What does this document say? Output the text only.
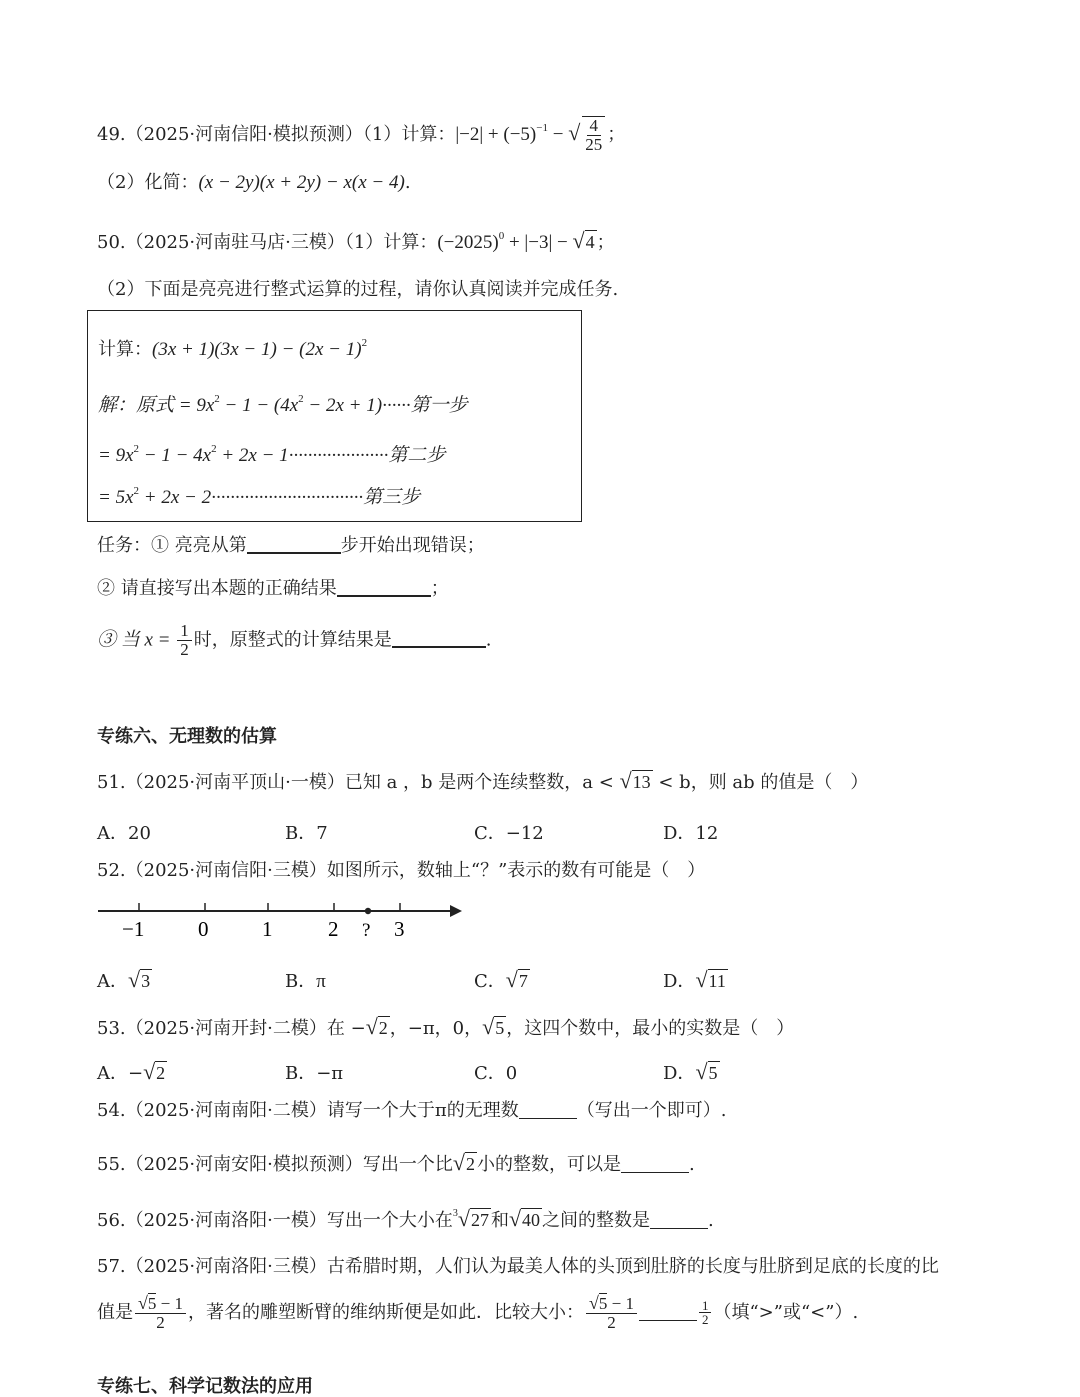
49.（2025·河南信阳·模拟预测）（1）计算：$|-2| + (-5)^{-1}$ − √ $\frac{4}{25}$ ；
（2）化简：(x − 2y)(x + 2y) − x(x − 4).
50.（2025·河南驻马店·三模）（1）计算：$(-2025)^0 + |-3| - √4$ ；
（2）下面是亮亮进行整式运算的过程，请你认真阅读并完成任务.
计算：$(3x + 1)(3x - 1) - (2x - 1)^2$
解：原式 = $9x^2 - 1 - (4x^2 - 2x + 1)\cdot\cdot\cdot\cdot\cdot\cdot$第一步
= $9x^2 - 1 - 4x^2 + 2x - 1\cdot\cdot\cdot\cdot\cdot\cdot\cdot\cdot\cdot\cdot\cdot\cdot\cdot\cdot\cdot\cdot\cdot\cdot\cdot\cdot\cdot$第二步
= $5x^2 + 2x - 2\cdot\cdot\cdot\cdot\cdot\cdot\cdot\cdot\cdot\cdot\cdot\cdot\cdot\cdot\cdot\cdot\cdot\cdot\cdot\cdot\cdot\cdot\cdot\cdot\cdot\cdot\cdot\cdot\cdot\cdot\cdot\cdot$第三步
任务：① 亮亮从第	步开始出现错误；
② 请直接写出本题的正确结果	；
③ 当 $x = \frac{1}{2}$ 时，原整式的计算结果是	.
专练六、无理数的估算
51.（2025·河南平顶山·一模）已知 a ，b 是两个连续整数，a < √13 < b，则 ab 的值是（　）
A．20	B．7	C．−12	D．12
52.（2025·河南信阳·三模）如图所示，数轴上“？”表示的数有可能是（　）
−1	0	1	2 ? 3
A．√3	B．π	C．√7	D．√11
53.（2025·河南开封·二模）在 −√2 ，−π，0，√5 ，这四个数中，最小的实数是（　）
A．−√2	B．−π	C．0	D．√5
54.（2025·河南南阳·二模）请写一个大于π的无理数	（写出一个即可）.
55.（2025·河南安阳·模拟预测）写出一个比√2 小的整数，可以是	.
56.（2025·河南洛阳·一模）写出一个大小在$^3$√27 和√40 之间的整数是	.
57.（2025·河南洛阳·三模）古希腊时期，人们认为最美人体的头顶到肚脐的长度与肚脐到足底的长度的比
值是 $\frac{√5 - 1}{2}$ ，著名的雕塑断臂的维纳斯便是如此．比较大小： $\frac{√5 - 1}{2}$	$\frac{1}{2}$ （填“>”或“<”）.
专练七、科学记数法的应用
